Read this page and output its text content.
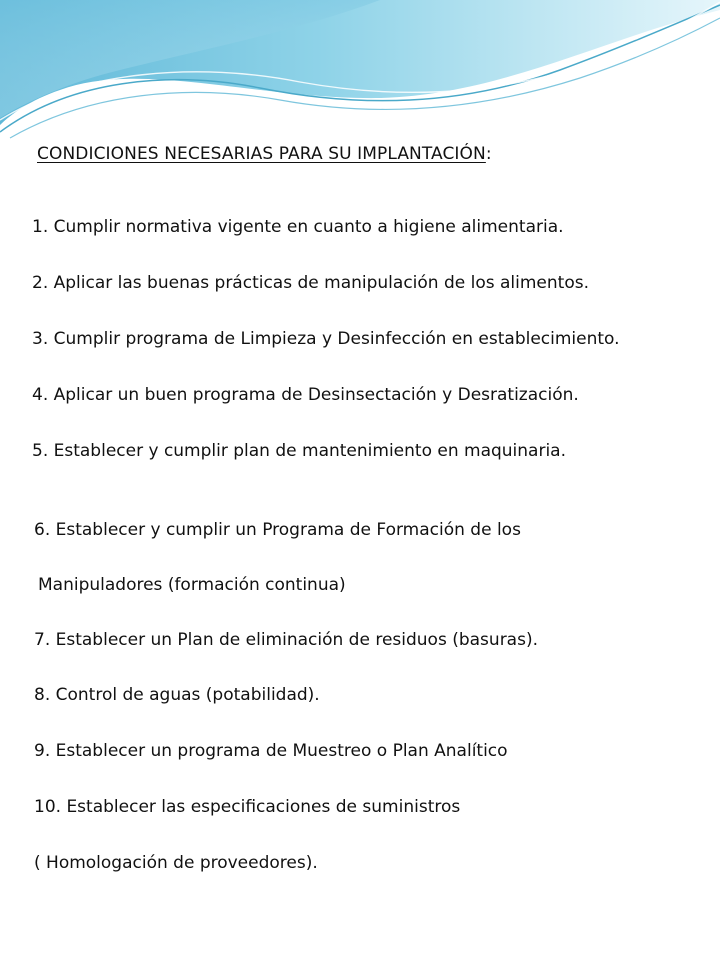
CONDICIONES NECESARIAS PARA SU IMPLANTACIÓN:
1. Cumplir normativa vigente en cuanto a higiene alimentaria.
2. Aplicar las buenas prácticas de manipulación de los alimentos.
3. Cumplir programa de Limpieza y Desinfección en establecimiento.
4. Aplicar un buen programa de Desinsectación y Desratización.
5. Establecer y cumplir plan de mantenimiento en maquinaria.
6. Establecer y cumplir un Programa de Formación de los
Manipuladores (formación continua)
7. Establecer un Plan de eliminación de residuos (basuras).
8. Control de aguas (potabilidad).
9. Establecer un programa de Muestreo o Plan Analítico
10. Establecer las especificaciones de suministros
( Homologación de proveedores).
